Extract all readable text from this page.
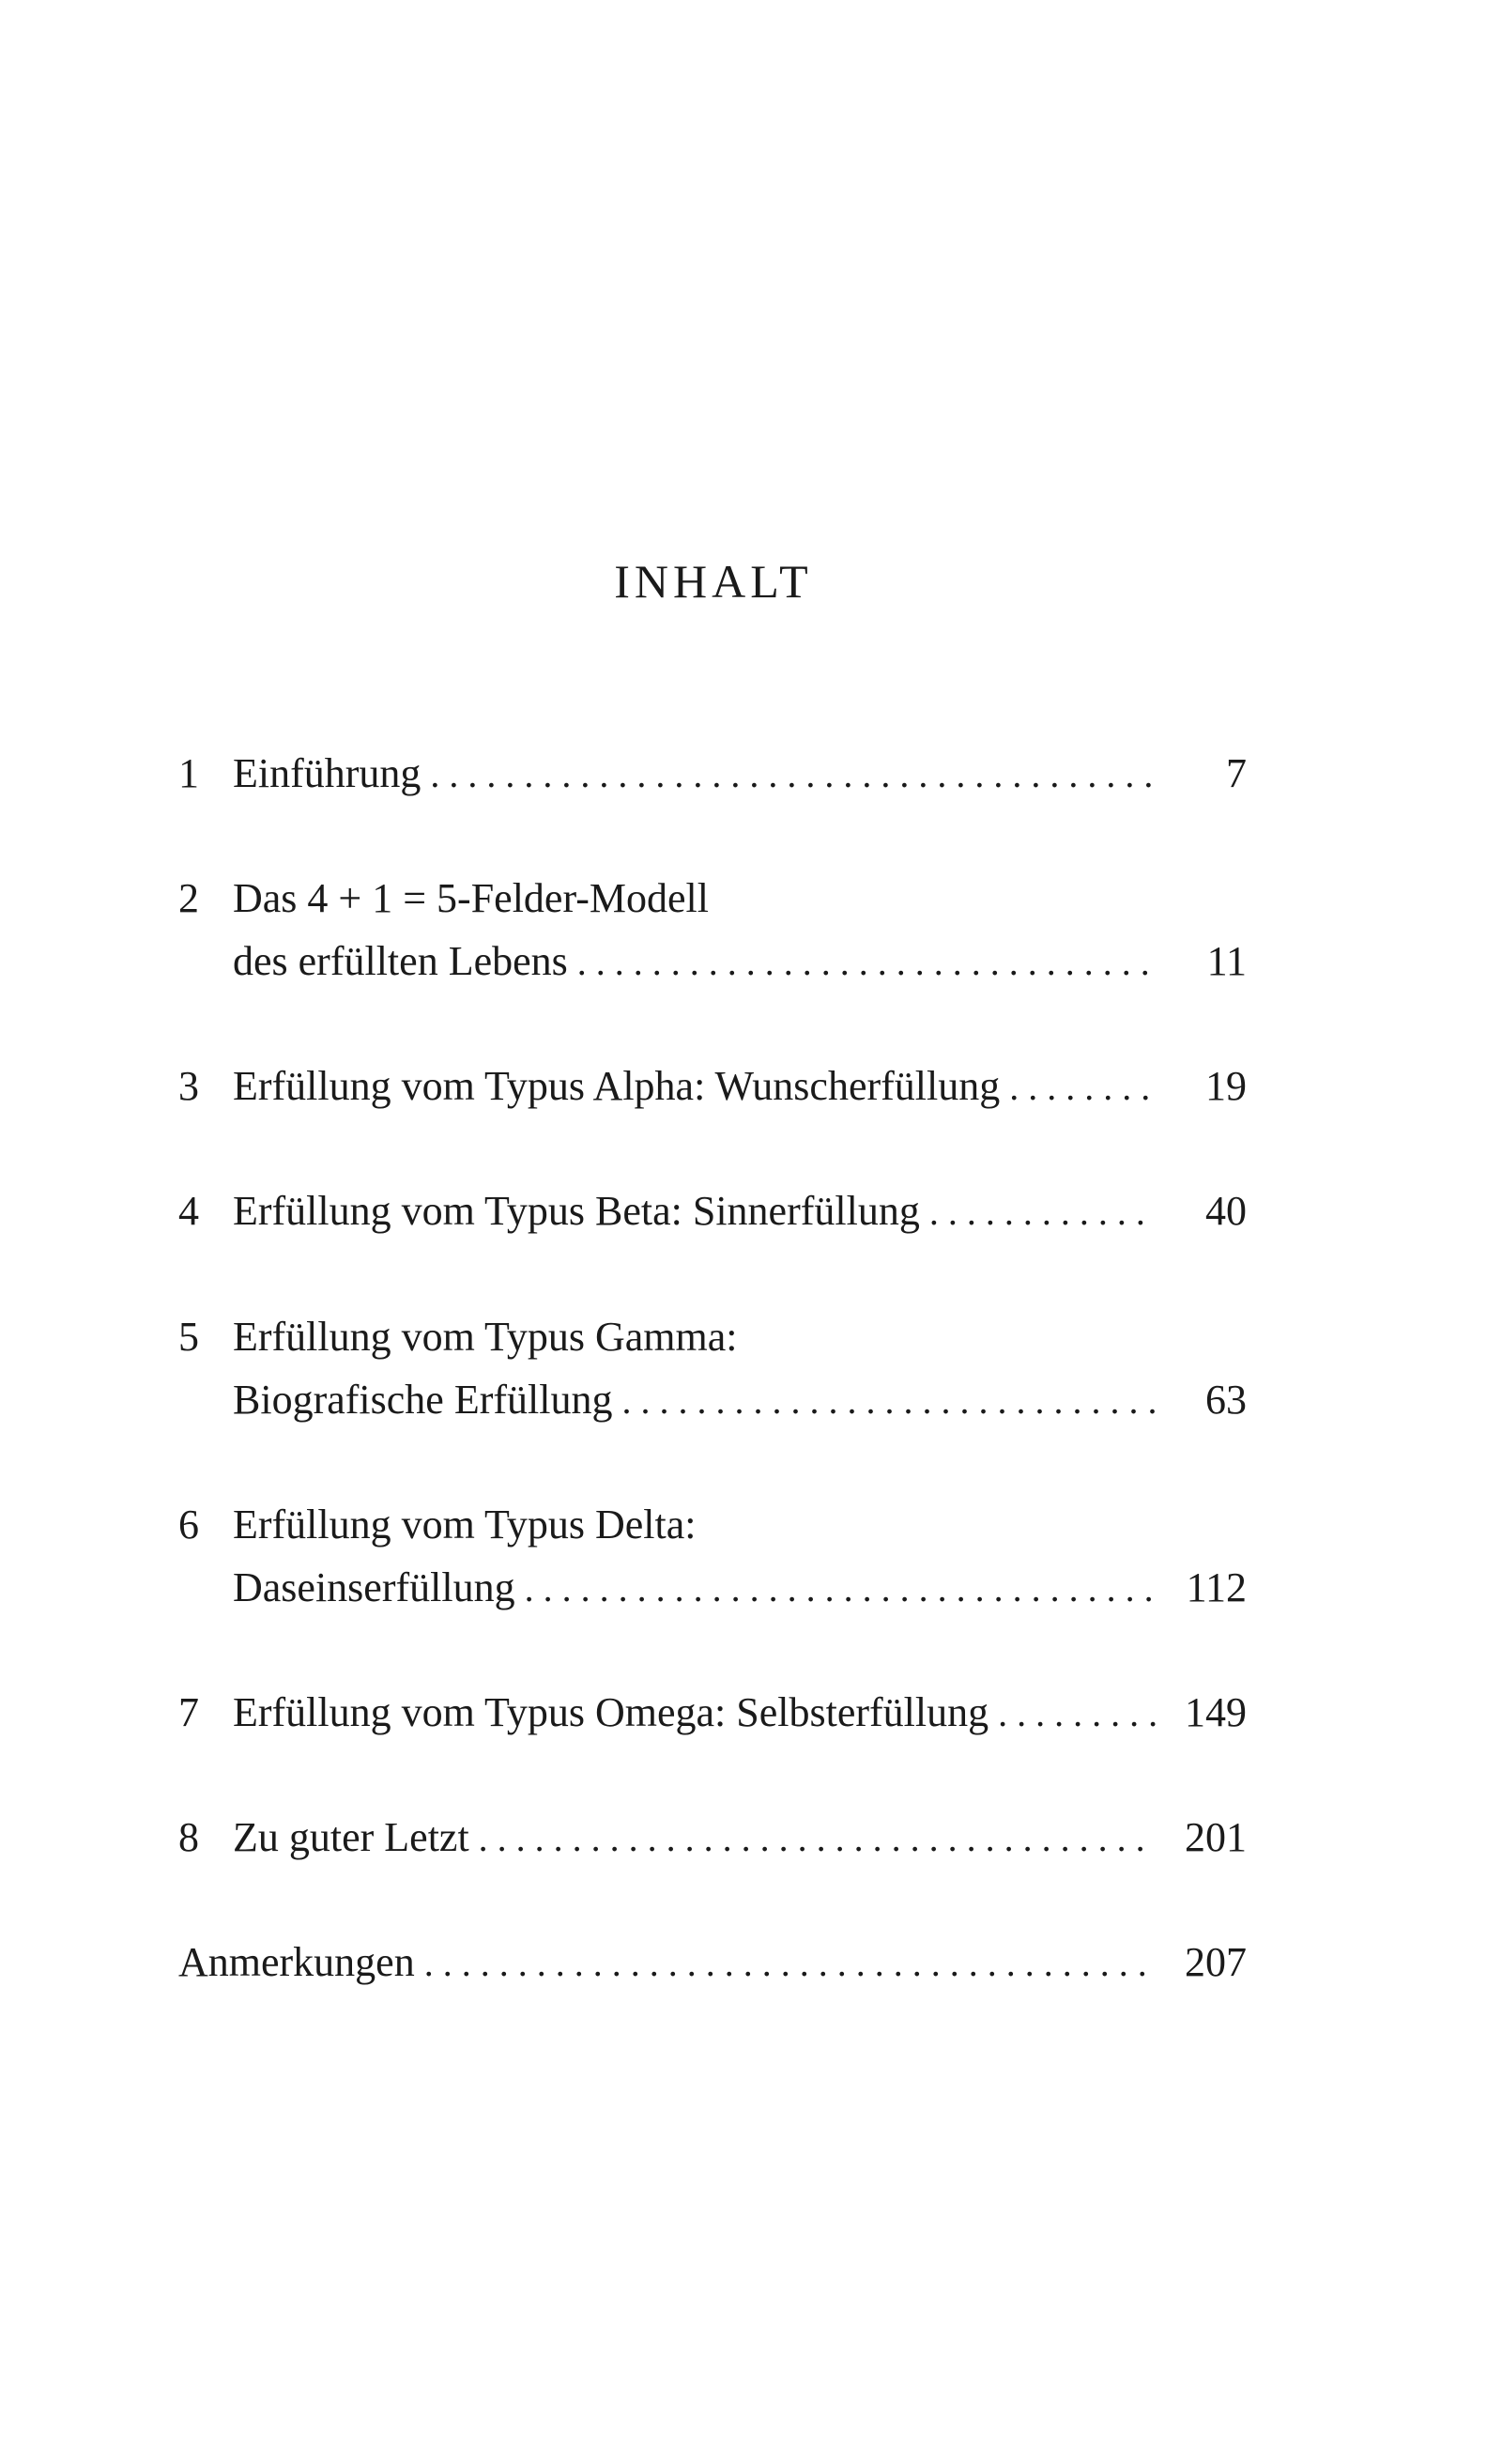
INHALT
1 Einführung . . .	7
2 Das 4 + 1 = 5-Felder-Modell
des erfüllten Lebens . . .	11
3 Erfüllung vom Typus Alpha: Wunscherfüllung . . .	19
4 Erfüllung vom Typus Beta: Sinnerfüllung . . .	40
5 Erfüllung vom Typus Gamma:
Biografische Erfüllung . . .	63
6 Erfüllung vom Typus Delta:
Daseinserfüllung . . .	112
7 Erfüllung vom Typus Omega: Selbsterfüllung . . .	149
8 Zu guter Letzt . . .	201
Anmerkungen . . .	207
